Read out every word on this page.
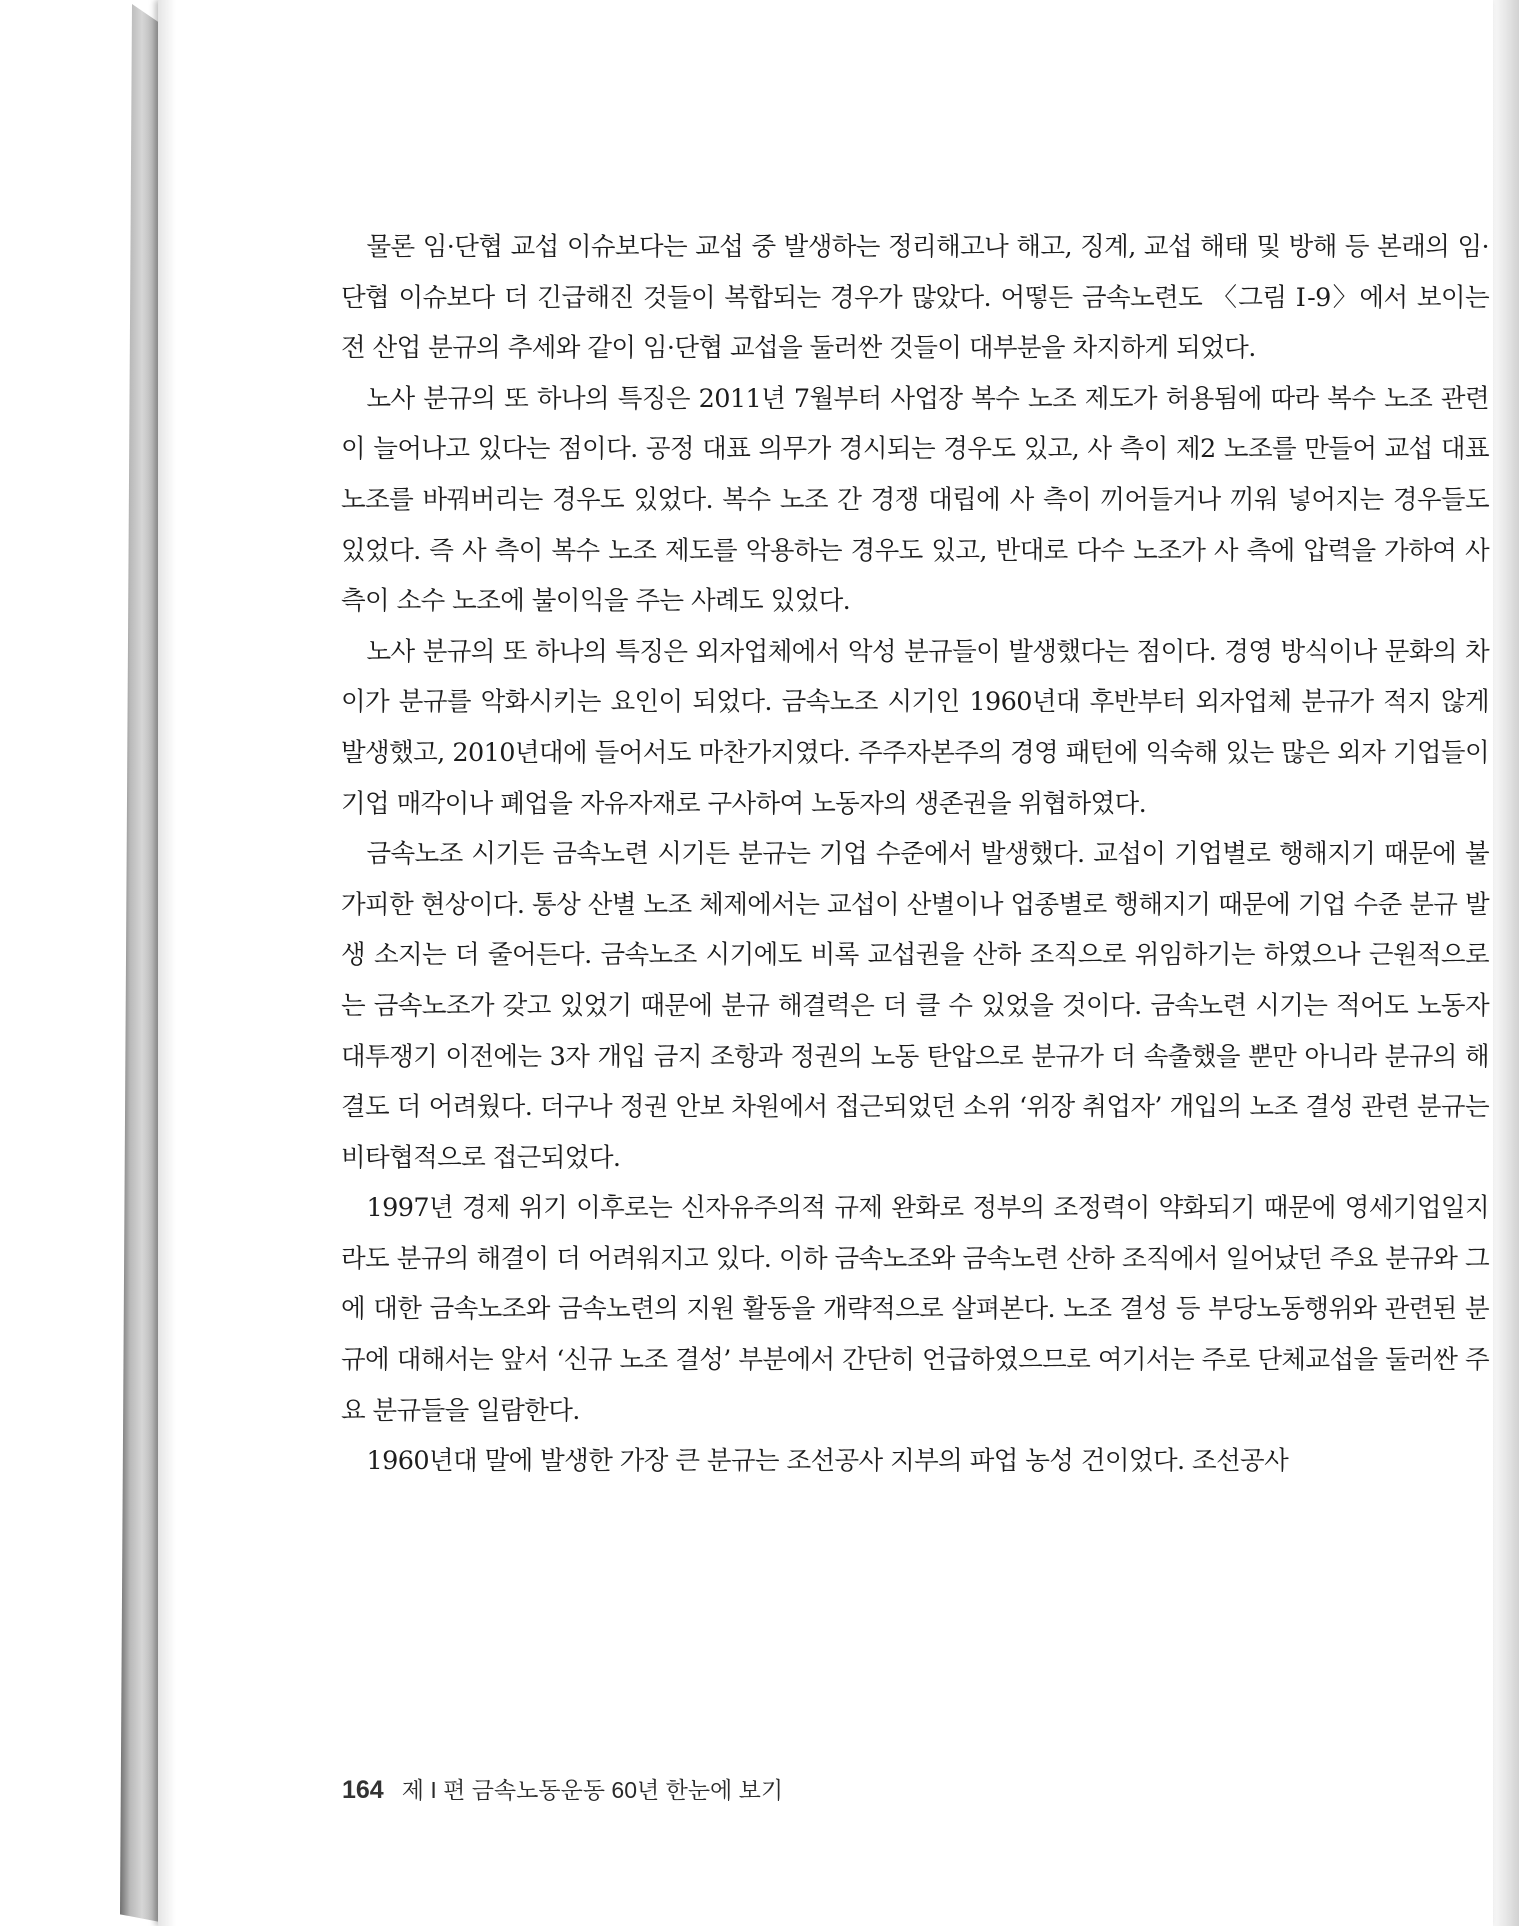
물론 임·단협 교섭 이슈보다는 교섭 중 발생하는 정리해고나 해고, 징계, 교섭 해태 및 방해 등 본래의 임·단협 이슈보다 더 긴급해진 것들이 복합되는 경우가 많았다. 어떻든 금속노련도 〈그림 Ⅰ-9〉에서 보이는 전 산업 분규의 추세와 같이 임·단협 교섭을 둘러싼 것들이 대부분을 차지하게 되었다.

노사 분규의 또 하나의 특징은 2011년 7월부터 사업장 복수 노조 제도가 허용됨에 따라 복수 노조 관련이 늘어나고 있다는 점이다. 공정 대표 의무가 경시되는 경우도 있고, 사 측이 제2 노조를 만들어 교섭 대표 노조를 바꿔버리는 경우도 있었다. 복수 노조 간 경쟁 대립에 사 측이 끼어들거나 끼워 넣어지는 경우들도 있었다. 즉 사 측이 복수 노조 제도를 악용하는 경우도 있고, 반대로 다수 노조가 사 측에 압력을 가하여 사 측이 소수 노조에 불이익을 주는 사례도 있었다.

노사 분규의 또 하나의 특징은 외자업체에서 악성 분규들이 발생했다는 점이다. 경영 방식이나 문화의 차이가 분규를 악화시키는 요인이 되었다. 금속노조 시기인 1960년대 후반부터 외자업체 분규가 적지 않게 발생했고, 2010년대에 들어서도 마찬가지였다. 주주자본주의 경영 패턴에 익숙해 있는 많은 외자 기업들이 기업 매각이나 폐업을 자유자재로 구사하여 노동자의 생존권을 위협하였다.

금속노조 시기든 금속노련 시기든 분규는 기업 수준에서 발생했다. 교섭이 기업별로 행해지기 때문에 불가피한 현상이다. 통상 산별 노조 체제에서는 교섭이 산별이나 업종별로 행해지기 때문에 기업 수준 분규 발생 소지는 더 줄어든다. 금속노조 시기에도 비록 교섭권을 산하 조직으로 위임하기는 하였으나 근원적으로는 금속노조가 갖고 있었기 때문에 분규 해결력은 더 클 수 있었을 것이다. 금속노련 시기는 적어도 노동자 대투쟁기 이전에는 3자 개입 금지 조항과 정권의 노동 탄압으로 분규가 더 속출했을 뿐만 아니라 분규의 해결도 더 어려웠다. 더구나 정권 안보 차원에서 접근되었던 소위 ‘위장 취업자’ 개입의 노조 결성 관련 분규는 비타협적으로 접근되었다.

1997년 경제 위기 이후로는 신자유주의적 규제 완화로 정부의 조정력이 약화되기 때문에 영세기업일지라도 분규의 해결이 더 어려워지고 있다. 이하 금속노조와 금속노련 산하 조직에서 일어났던 주요 분규와 그에 대한 금속노조와 금속노련의 지원 활동을 개략적으로 살펴본다. 노조 결성 등 부당노동행위와 관련된 분규에 대해서는 앞서 ‘신규 노조 결성’ 부분에서 간단히 언급하였으므로 여기서는 주로 단체교섭을 둘러싼 주요 분규들을 일람한다.

1960년대 말에 발생한 가장 큰 분규는 조선공사 지부의 파업 농성 건이었다. 조선공사

164 제 I 편 금속노동운동 60년 한눈에 보기
